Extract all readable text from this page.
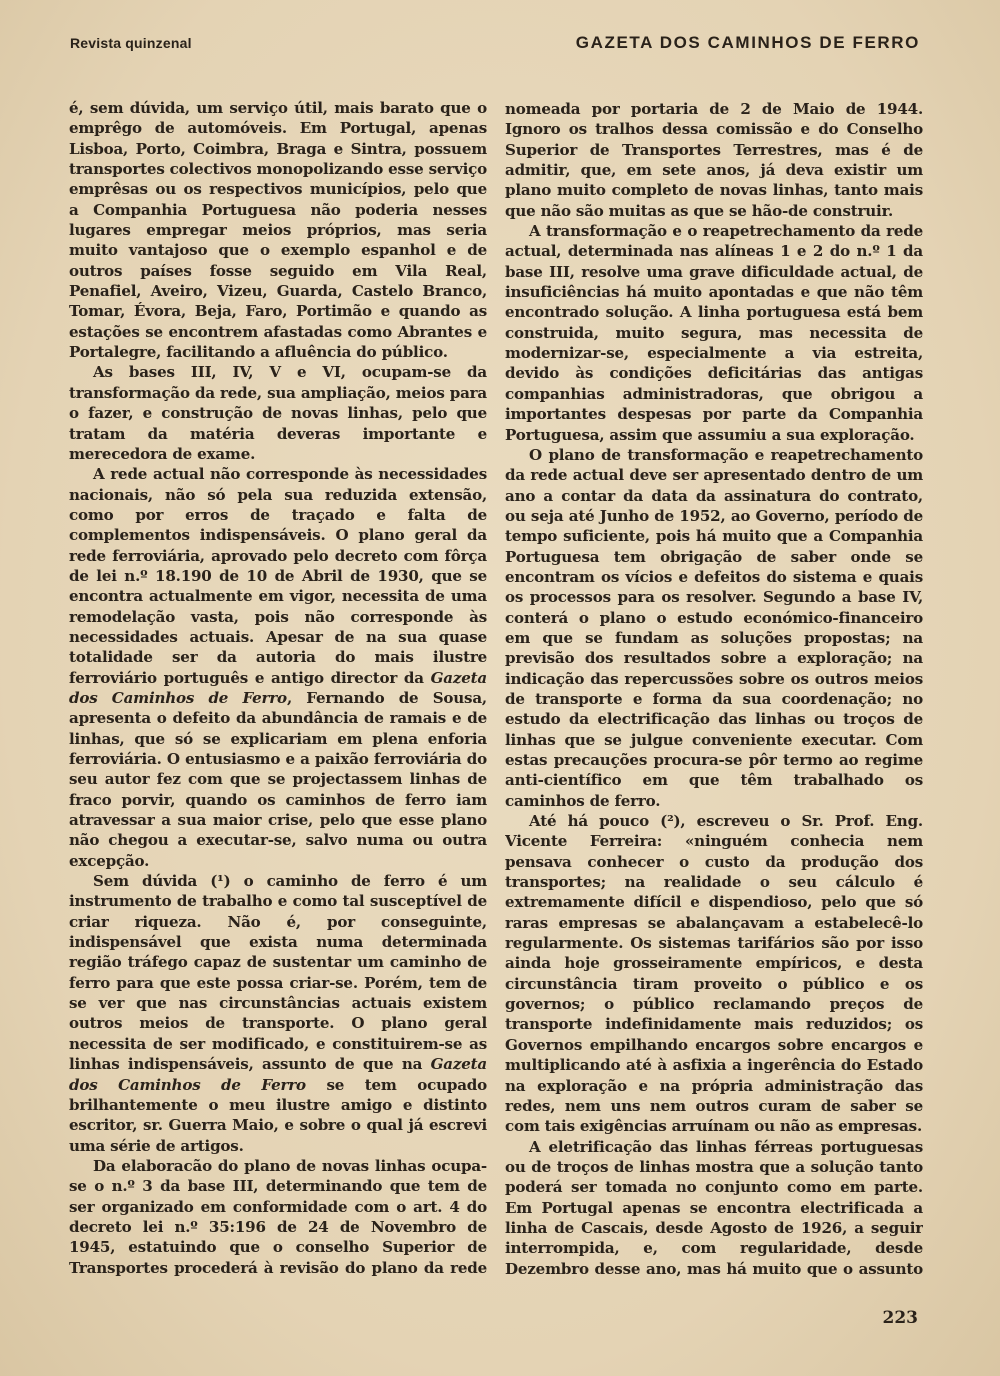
Revista quinzenal	GAZETA DOS CAMINHOS DE FERRO

é, sem dúvida, um serviço útil, mais barato que o emprêgo de automóveis. Em Portugal, apenas Lisboa, Porto, Coimbra, Braga e Sintra, possuem transportes colectivos monopolizando esse serviço emprêsas ou os respectivos municípios, pelo que a Companhia Portuguesa não poderia nesses lugares empregar meios próprios, mas seria muito vantajoso que o exemplo espanhol e de outros países fosse seguido em Vila Real, Penafiel, Aveiro, Vizeu, Guarda, Castelo Branco, Tomar, Évora, Beja, Faro, Portimão e quando as estações se encontrem afastadas como Abrantes e Portalegre, facilitando a afluência do público.

As bases III, IV, V e VI, ocupam-se da transformação da rede, sua ampliação, meios para o fazer, e construção de novas linhas, pelo que tratam da matéria deveras importante e merecedora de exame.

A rede actual não corresponde às necessidades nacionais, não só pela sua reduzida extensão, como por erros de traçado e falta de complementos indispensáveis. O plano geral da rede ferroviária, aprovado pelo decreto com fôrça de lei n.º 18.190 de 10 de Abril de 1930, que se encontra actualmente em vigor, necessita de uma remodelação vasta, pois não corresponde às necessidades actuais. Apesar de na sua quase totalidade ser da autoria do mais ilustre ferroviário português e antigo director da Gazeta dos Caminhos de Ferro, Fernando de Sousa, apresenta o defeito da abundância de ramais e de linhas, que só se explicariam em plena enforia ferroviária. O entusiasmo e a paixão ferroviária do seu autor fez com que se projectassem linhas de fraco porvir, quando os caminhos de ferro iam atravessar a sua maior crise, pelo que esse plano não chegou a executar-se, salvo numa ou outra excepção.

Sem dúvida (¹) o caminho de ferro é um instrumento de trabalho e como tal susceptível de criar riqueza. Não é, por conseguinte, indispensável que exista numa determinada região tráfego capaz de sustentar um caminho de ferro para que este possa criar-se. Porém, tem de se ver que nas circunstâncias actuais existem outros meios de transporte. O plano geral necessita de ser modificado, e constituirem-se as linhas indispensáveis, assunto de que na Gazeta dos Caminhos de Ferro se tem ocupado brilhantemente o meu ilustre amigo e distinto escritor, sr. Guerra Maio, e sobre o qual já escrevi uma série de artigos.

Da elaboracão do plano de novas linhas ocupa-se o n.º 3 da base III, determinando que tem de ser organizado em conformidade com o art. 4 do decreto lei n.º 35:196 de 24 de Novembro de 1945, estatuindo que o conselho Superior de Transportes procederá à revisão do plano da rede

nomeada por portaria de 2 de Maio de 1944. Ignoro os tralhos dessa comissão e do Conselho Superior de Transportes Terrestres, mas é de admitir, que, em sete anos, já deva existir um plano muito completo de novas linhas, tanto mais que não são muitas as que se hão-de construir.

A transformação e o reapetrechamento da rede actual, determinada nas alíneas 1 e 2 do n.º 1 da base III, resolve uma grave dificuldade actual, de insuficiências há muito apontadas e que não têm encontrado solução. A linha portuguesa está bem construida, muito segura, mas necessita de modernizar-se, especialmente a via estreita, devido às condições deficitárias das antigas companhias administradoras, que obrigou a importantes despesas por parte da Companhia Portuguesa, assim que assumiu a sua exploração.

O plano de transformação e reapetrechamento da rede actual deve ser apresentado dentro de um ano a contar da data da assinatura do contrato, ou seja até Junho de 1952, ao Governo, período de tempo suficiente, pois há muito que a Companhia Portuguesa tem obrigação de saber onde se encontram os vícios e defeitos do sistema e quais os processos para os resolver. Segundo a base IV, conterá o plano o estudo económico-financeiro em que se fundam as soluções propostas; na previsão dos resultados sobre a exploração; na indicação das repercussões sobre os outros meios de transporte e forma da sua coordenação; no estudo da electrificação das linhas ou troços de linhas que se julgue conveniente executar. Com estas precauções procura-se pôr termo ao regime anti-científico em que têm trabalhado os caminhos de ferro.

Até há pouco (²), escreveu o Sr. Prof. Eng. Vicente Ferreira: «ninguém conhecia nem pensava conhecer o custo da produção dos transportes; na realidade o seu cálculo é extremamente difícil e dispendioso, pelo que só raras empresas se abalançavam a estabelecê-lo regularmente. Os sistemas tarifários são por isso ainda hoje grosseiramente empíricos, e desta circunstância tiram proveito o público e os governos; o público reclamando preços de transporte indefinidamente mais reduzidos; os Governos empilhando encargos sobre encargos e multiplicando até à asfixia a ingerência do Estado na exploração e na própria administração das redes, nem uns nem outros curam de saber se com tais exigências arruínam ou não as empresas.

A eletrificação das linhas férreas portuguesas ou de troços de linhas mostra que a solução tanto poderá ser tomada no conjunto como em parte. Em Portugal apenas se encontra electrificada a linha de Cascais, desde Agosto de 1926, a seguir interrompida, e, com regularidade, desde Dezembro desse ano, mas há muito que o assunto

223
